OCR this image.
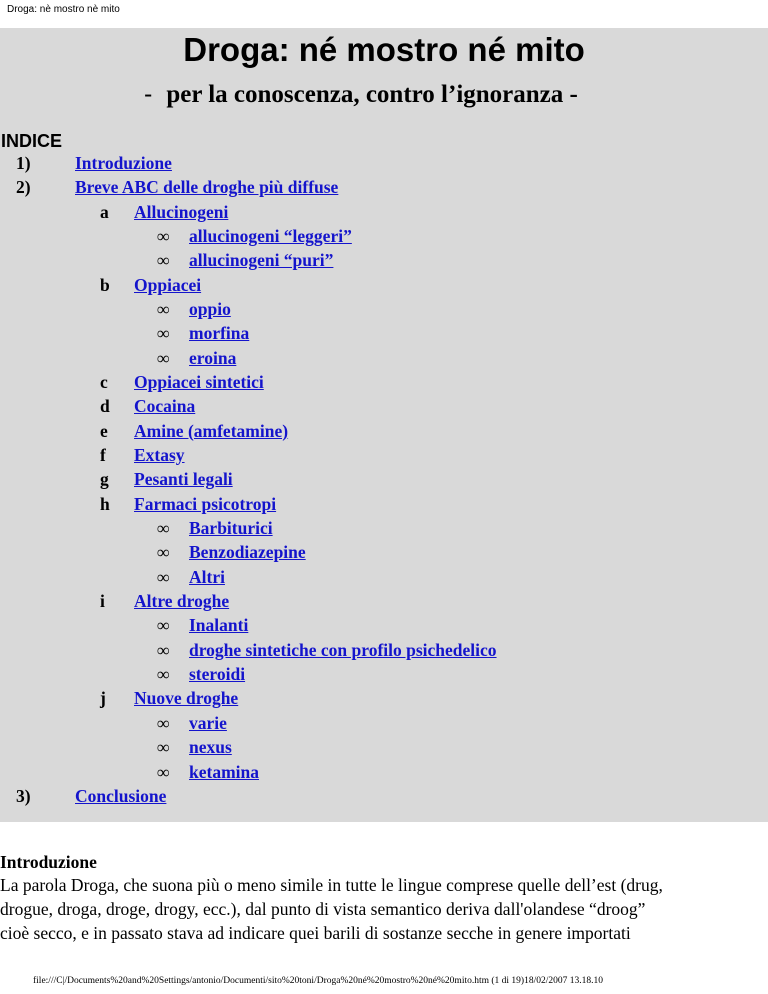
Droga: nè mostro nè mito
Droga: né mostro né mito
- per la conoscenza, contro l’ignoranza -
INDICE
1)	Introduzione
2)	Breve ABC delle droghe più diffuse
a Allucinogeni
∞ allucinogeni “leggeri”
∞ allucinogeni “puri”
b Oppiacei
∞ oppio
∞ morfina
∞ eroina
c Oppiacei sintetici
d Cocaina
e Amine (amfetamine)
f Extasy
g Pesanti legali
h Farmaci psicotropi
∞ Barbiturici
∞ Benzodiazepine
∞ Altri
i Altre droghe
∞ Inalanti
∞ droghe sintetiche con profilo psichedelico
∞ steroidi
j Nuove droghe
∞ varie
∞ nexus
∞ ketamina
3)	Conclusione
Introduzione
La parola Droga, che suona più o meno simile in tutte le lingue comprese quelle dell’est (drug,
drogue, droga, droge, drogy, ecc.), dal punto di vista semantico deriva dall'olandese “droog”
cioè secco, e in passato stava ad indicare quei barili di sostanze secche in genere importati
file:///C|/Documents%20and%20Settings/antonio/Documenti/sito%20toni/Droga%20né%20mostro%20né%20mito.htm (1 di 19)18/02/2007 13.18.10
